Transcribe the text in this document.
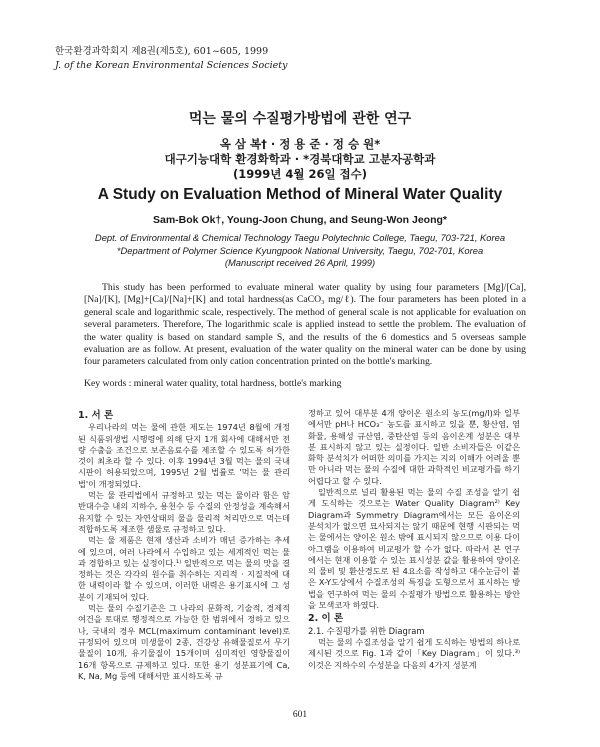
한국환경과학회지 제8권(제5호), 601~605, 1999
J. of the Korean Environmental Sciences Society
먹는 물의 수질평가방법에 관한 연구
옥 삼 복† · 정 용 준 · 정 승 원*
대구기능대학 환경화학과 · *경북대학교 고분자공학과
(1999년 4월 26일 접수)
A Study on Evaluation Method of Mineral Water Quality
Sam-Bok Ok†, Young-Joon Chung, and Seung-Won Jeong*
Dept. of Environmental & Chemical Technology Taegu Polytechnic College, Taegu, 703-721, Korea
*Department of Polymer Science Kyungpook National University, Taegu, 702-701, Korea
(Manuscript received 26 April, 1999)

This study has been performed to evaluate mineral water quality by using four parameters [Mg]/[Ca], [Na]/[K], [Mg]+[Ca]/[Na]+[K] and total hardness(as CaCO₃ mg/ℓ). The four parameters has been ploted in a general scale and logarithmic scale, respectively. The method of general scale is not applicable for evaluation on several parameters. Therefore, The logarithmic scale is applied instead to settle the problem. The evaluation of the water quality is based on standard sample S, and the results of the 6 domestics and 5 overseas sample evaluation are as follow. At present, evaluation of the water quality on the mineral water can be done by using four parameters calculated from only cation concentration printed on the bottle's marking.

Key words : mineral water quality, total hardness, bottle's marking

1. 서 론

우리나라의 먹는 물에 관한 제도는 1974년 8월에 개정된 식품위생법 시행령에 의해 단지 1개 회사에 대해서만 전량 수출을 조건으로 보존음료수를 제조할 수 있도록 허가한 것이 최초라 할 수 있다. 이후 1994년 3월 먹는 물의 국내 시판이 허용되었으며, 1995년 2월 법률로 '먹는 물 관리법'이 개정되었다.

먹는 물 관리법에서 규정하고 있는 먹는 물이라 함은 암반대수층 내의 지하수, 용천수 등 수질의 안정성을 계속해서 유지할 수 있는 자연상태의 물을 물리적 처리만으로 먹는데 적합하도록 제조한 샘물로 규정하고 있다.

먹는 물 제품은 현재 생산과 소비가 매년 증가하는 추세에 있으며, 여러 나라에서 수입하고 있는 세계적인 먹는 물과 경합하고 있는 실정이다.¹⁾ 일반적으로 먹는 물의 맛을 결정하는 것은 각각의 원수를 취수하는 지리적 · 지질적에 대한 내력이라 할 수 있으며, 이러한 내력은 용기표시에 그 성분이 기재되어 있다.

먹는 물의 수질기준은 그 나라의 문화적, 기술적, 경제적 여건을 토대로 행정적으로 가능한 한 범위에서 정하고 있으나, 국내의 경우 MCL(maximum contaminant level)로 규정되어 있으며 미생물이 2종, 건강상 유해물질로서 무기물질이 10개, 유기물질이 15개이며 심미적인 영향물질이 16개 항목으로 규제하고 있다. 또한 용기 성분표기에 Ca, K, Na, Mg 등에 대해서만 표시하도록 규

정하고 있어 대부분 4개 양이온 원소의 농도(mg/l)와 일부에서만 pH나 HCO₃⁻ 농도를 표시하고 있을 뿐, 황산염, 염화물, 용해성 규산염, 중탄산염 등의 음이온계 성분은 대부분 표시하지 않고 있는 실정이다. 일반 소비자들은 이같은 화학 분석치가 어떠한 의미를 가지는 지의 이해가 어려울 뿐만 아니라 먹는 물의 수질에 대한 과학적인 비교평가를 하기 어렵다고 할 수 있다.

일반적으로 널리 활용된 먹는 물의 수질 조성을 알기 쉽게 도식하는 것으로는 Water Quality Diagram²⁾ Key Diagram과 Symmetry Diagram에서는 모든 음이온의 분석치가 없으면 묘사되지는 않기 때문에 현행 시판되는 먹는 물에서는 양이온 원소 밖에 표시되지 않으므로 이용 다이아그램을 이용하여 비교평가 할 수가 없다. 따라서 본 연구에서는 현재 이용할 수 있는 표시성분 값을 활용하여 양이온의 물비 및 환산경도로 된 4요소를 작성하고 대수눈금이 붙은 X-Y도상에서 수질조성의 특징을 도형으로서 표시하는 방법을 연구하여 먹는 물의 수질평가 방법으로 활용하는 방안을 모색코자 하였다.

2. 이 론
2.1. 수질평가를 위한 Diagram

먹는 물의 수질조성을 알기 쉽게 도식하는 방법의 하나로 제시된 것으로 Fig. 1과 같이「Key Diagram」이 있다.³⁾ 이것은 지하수의 수성분을 다음의 4가지 성분계

601
